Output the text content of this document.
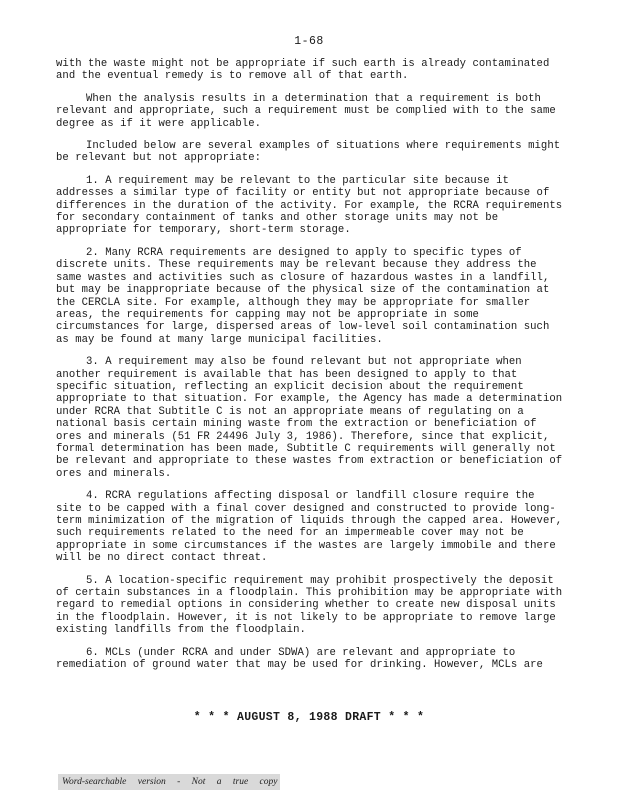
1-68

with the waste might not be appropriate if such earth is already contaminated and the eventual remedy is to remove all of that earth.

When the analysis results in a determination that a requirement is both relevant and appropriate, such a requirement must be complied with to the same degree as if it were applicable.

Included below are several examples of situations where requirements might be relevant but not appropriate:

1. A requirement may be relevant to the particular site because it addresses a similar type of facility or entity but not appropriate because of differences in the duration of the activity. For example, the RCRA requirements for secondary containment of tanks and other storage units may not be appropriate for temporary, short-term storage.

2. Many RCRA requirements are designed to apply to specific types of discrete units. These requirements may be relevant because they address the same wastes and activities such as closure of hazardous wastes in a landfill, but may be inappropriate because of the physical size of the contamination at the CERCLA site. For example, although they may be appropriate for smaller areas, the requirements for capping may not be appropriate in some circumstances for large, dispersed areas of low-level soil contamination such as may be found at many large municipal facilities.

3. A requirement may also be found relevant but not appropriate when another requirement is available that has been designed to apply to that specific situation, reflecting an explicit decision about the requirement appropriate to that situation. For example, the Agency has made a determination under RCRA that Subtitle C is not an appropriate means of regulating on a national basis certain mining waste from the extraction or beneficiation of ores and minerals (51 FR 24496 July 3, 1986). Therefore, since that explicit, formal determination has been made, Subtitle C requirements will generally not be relevant and appropriate to these wastes from extraction or beneficiation of ores and minerals.

4. RCRA regulations affecting disposal or landfill closure require the site to be capped with a final cover designed and constructed to provide long-term minimization of the migration of liquids through the capped area. However, such requirements related to the need for an impermeable cover may not be appropriate in some circumstances if the wastes are largely immobile and there will be no direct contact threat.

5. A location-specific requirement may prohibit prospectively the deposit of certain substances in a floodplain. This prohibition may be appropriate with regard to remedial options in considering whether to create new disposal units in the floodplain. However, it is not likely to be appropriate to remove large existing landfills from the floodplain.

6. MCLs (under RCRA and under SDWA) are relevant and appropriate to remediation of ground water that may be used for drinking. However, MCLs are

* * * AUGUST 8, 1988 DRAFT * * *
Word-searchable version - Not a true copy
